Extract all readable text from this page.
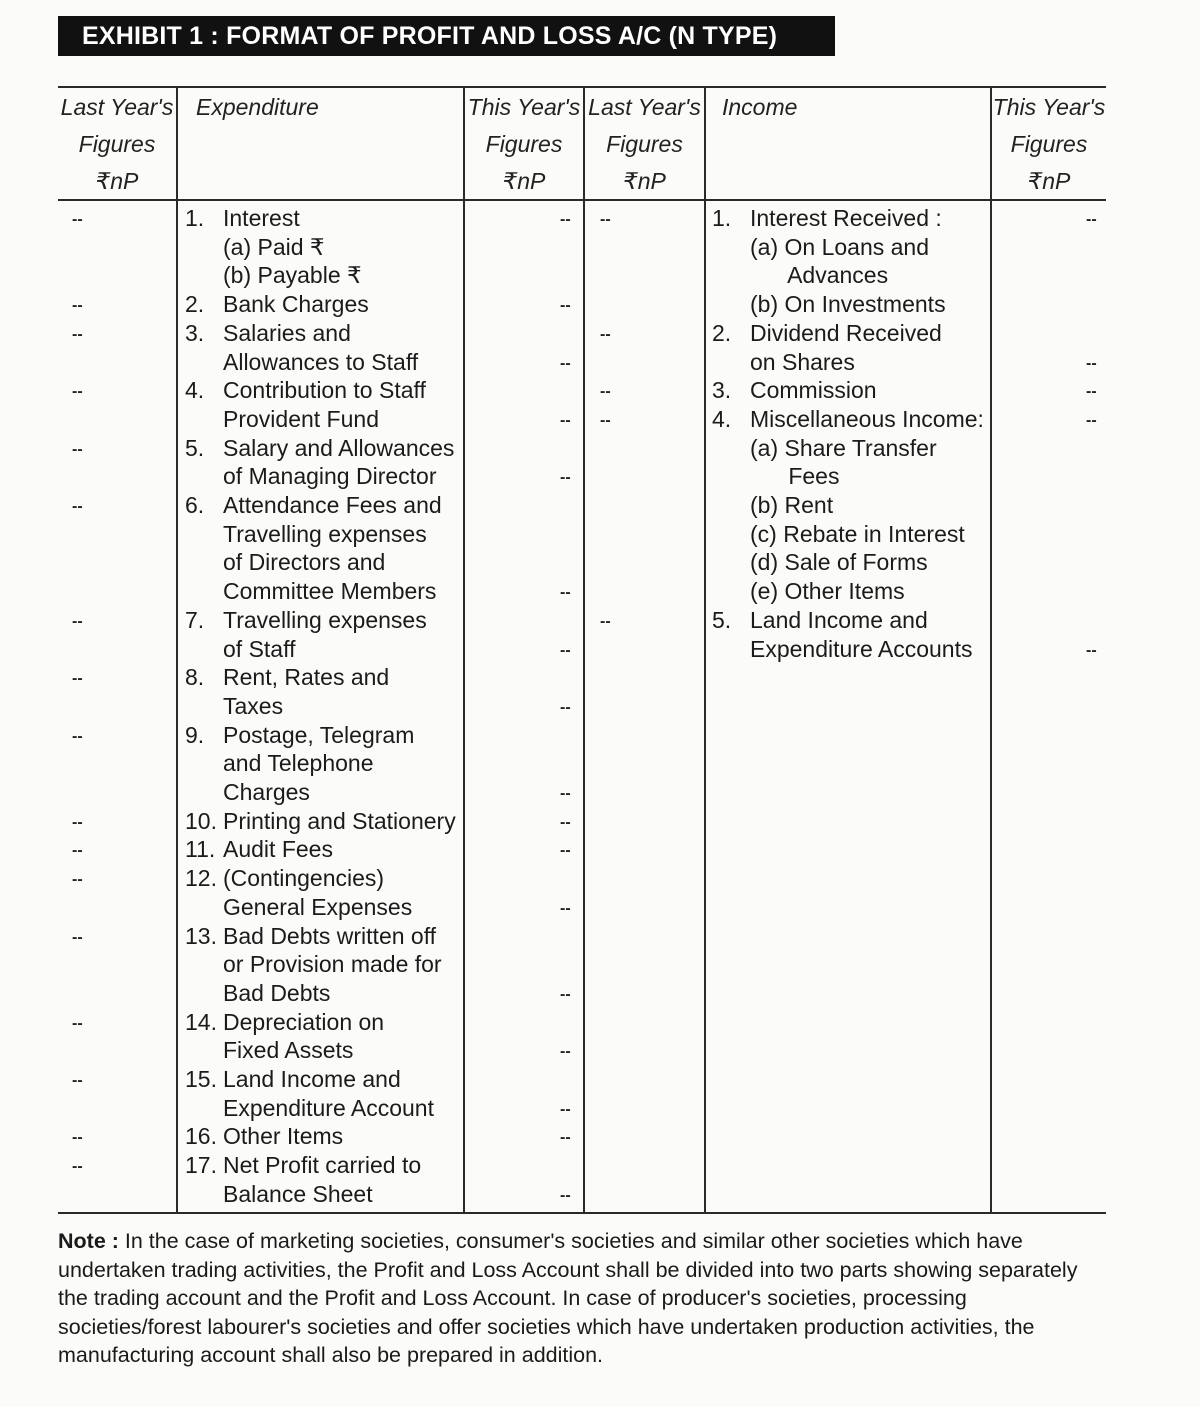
EXHIBIT 1 : FORMAT OF PROFIT AND LOSS A/C (N TYPE)
Last Year's
Figures
₹nP
Expenditure	This Year's
Figures
₹nP
Last Year's
Figures
₹nP
Income	This Year's
Figures
₹nP
1. Interest
(a) Paid ₹
(b) Payable ₹
2. Bank Charges
3. Salaries and
Allowances to Staff
4. Contribution to Staff
Provident Fund
5. Salary and Allowances
of Managing Director
6. Attendance Fees and
Travelling expenses
of Directors and
Committee Members
7. Travelling expenses
of Staff
8. Rent, Rates and
Taxes
9. Postage, Telegram
and Telephone
Charges
10. Printing and Stationery
11. Audit Fees
12. (Contingencies)
General Expenses
13. Bad Debts written off
or Provision made for
Bad Debts
14. Depreciation on
Fixed Assets
15. Land Income and
Expenditure Account
16. Other Items
17. Net Profit carried to
Balance Sheet
1. Interest Received :
(a) On Loans and
Advances
(b) On Investments
2. Dividend Received
on Shares
3. Commission
4. Miscellaneous Income:
(a) Share Transfer
Fees
(b) Rent
(c) Rebate in Interest
(d) Sale of Forms
(e) Other Items
5. Land Income and
Expenditure Accounts
--
--
--
--
--
--
--
--
--
--
--
--
--
--
--
--
--
--
--
--
--
--
--
--
--
--
--
--
--
--
--
--
--
--
--
--
--
--
--
--
--
--
--
--
Note : In the case of marketing societies, consumer's societies and similar other societies which have undertaken trading activities, the Profit and Loss Account shall be divided into two parts showing separately the trading account and the Profit and Loss Account. In case of producer's societies, processing societies/forest labourer's societies and offer societies which have undertaken production activities, the manufacturing account shall also be prepared in addition.
